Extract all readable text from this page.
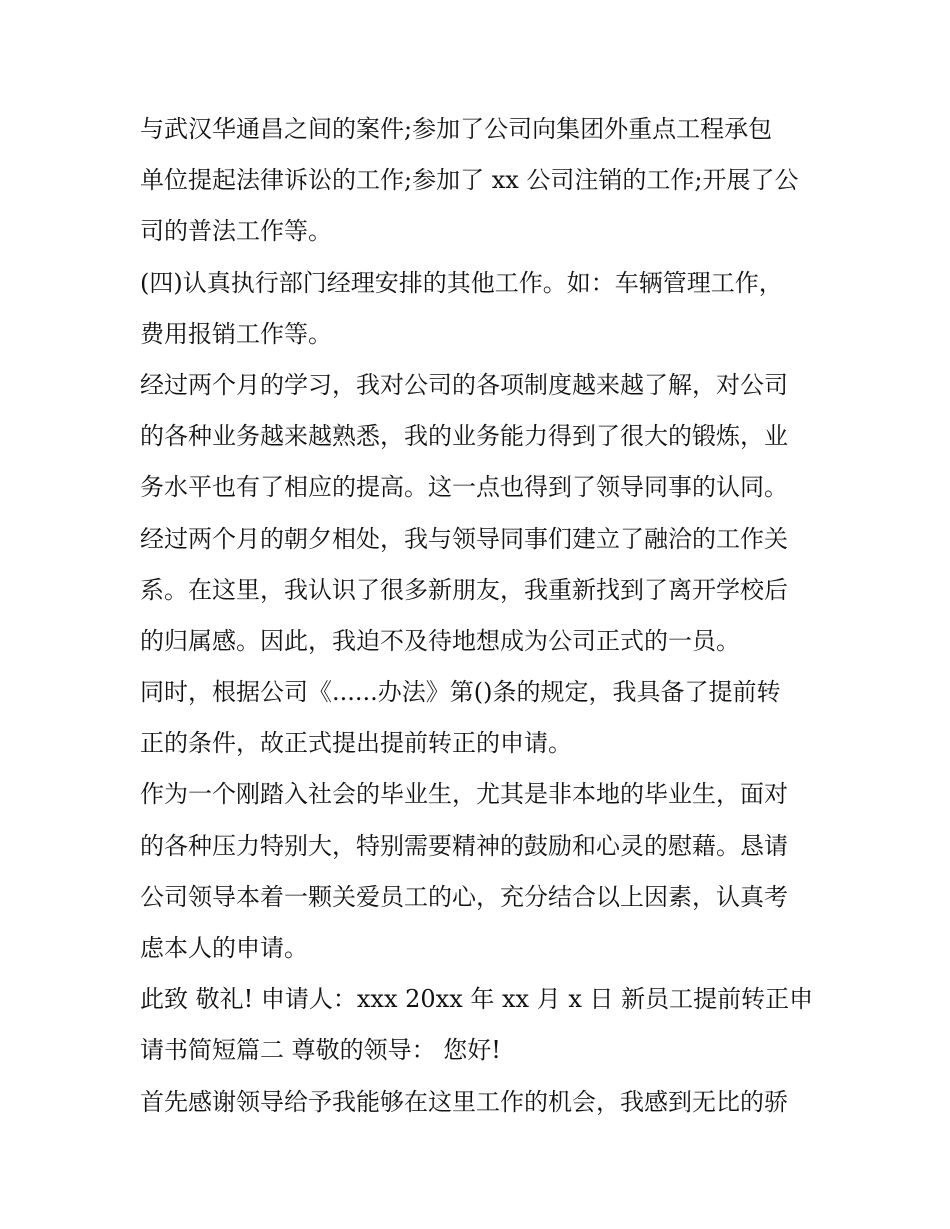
与武汉华通昌之间的案件;参加了公司向集团外重点工程承包
单位提起法律诉讼的工作;参加了 xx 公司注销的工作;开展了公
司的普法工作等。
(四)认真执行部门经理安排的其他工作。如：车辆管理工作，
费用报销工作等。
经过两个月的学习，我对公司的各项制度越来越了解，对公司
的各种业务越来越熟悉，我的业务能力得到了很大的锻炼，业
务水平也有了相应的提高。这一点也得到了领导同事的认同。
经过两个月的朝夕相处，我与领导同事们建立了融洽的工作关
系。在这里，我认识了很多新朋友，我重新找到了离开学校后
的归属感。因此，我迫不及待地想成为公司正式的一员。
同时，根据公司《......办法》第()条的规定，我具备了提前转
正的条件，故正式提出提前转正的申请。
作为一个刚踏入社会的毕业生，尤其是非本地的毕业生，面对
的各种压力特别大，特别需要精神的鼓励和心灵的慰藉。恳请
公司领导本着一颗关爱员工的心，充分结合以上因素，认真考
虑本人的申请。
此致 敬礼! 申请人：xxx 20xx 年 xx 月 x 日 新员工提前转正申
请书简短篇二 尊敬的领导： 您好!
首先感谢领导给予我能够在这里工作的机会，我感到无比的骄
